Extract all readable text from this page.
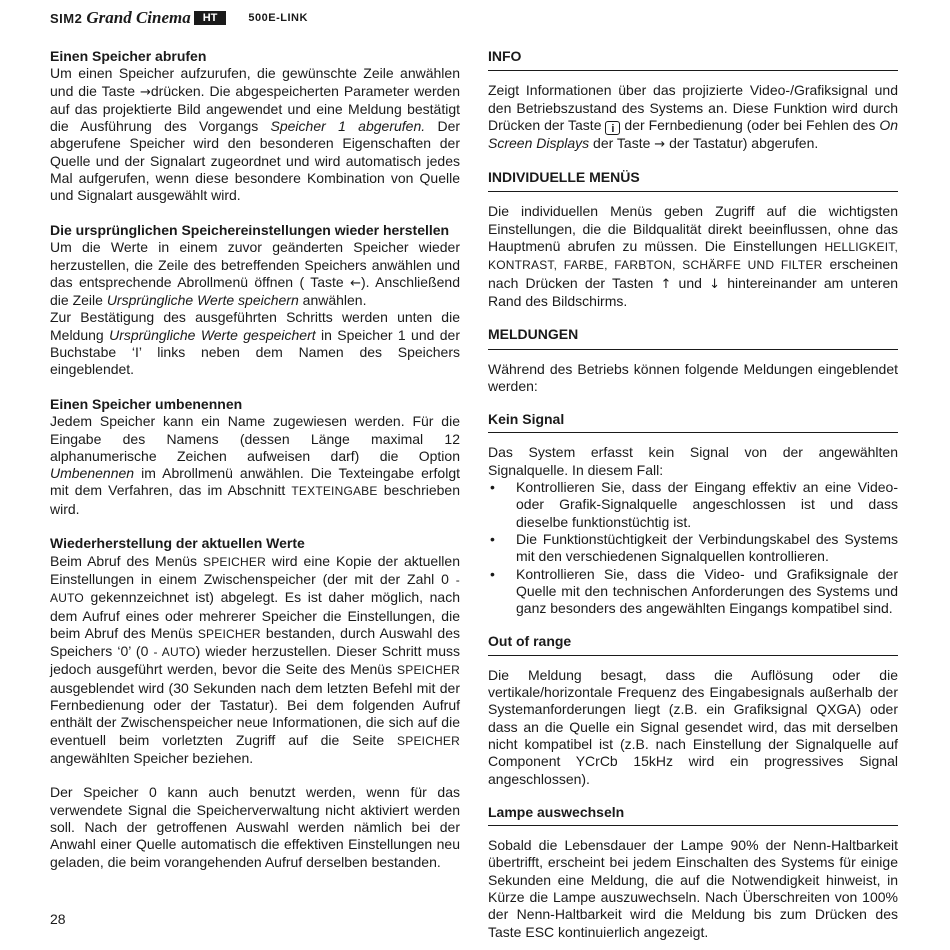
SIM2 Grand Cinema	HT	500E-LINK

Einen Speicher abrufen

Um einen Speicher aufzurufen, die gewünschte Zeile anwählen und die Taste →drücken. Die abgespeicherten Parameter werden auf das projektierte Bild angewendet und eine Meldung bestätigt die Ausführung des Vorgangs Speicher 1 abgerufen. Der abgerufene Speicher wird den besonderen Eigenschaften der Quelle und der Signalart zugeordnet und wird automatisch jedes Mal aufgerufen, wenn diese besondere Kombination von Quelle und Signalart ausgewählt wird.

Die ursprünglichen Speichereinstellungen wieder herstellen

Um die Werte in einem zuvor geänderten Speicher wieder herzustellen, die Zeile des betreffenden Speichers anwählen und das entsprechende Abrollmenü öffnen ( Taste ←). Anschließend die Zeile Ursprüngliche Werte speichern anwählen.

Zur Bestätigung des ausgeführten Schritts werden unten die Meldung Ursprüngliche Werte gespeichert in Speicher 1 und der Buchstabe ‘I’ links neben dem Namen des Speichers eingeblendet.

Einen Speicher umbenennen

Jedem Speicher kann ein Name zugewiesen werden. Für die Eingabe des Namens (dessen Länge maximal 12 alphanumerische Zeichen aufweisen darf) die Option Umbenennen im Abrollmenü anwählen. Die Texteingabe erfolgt mit dem Verfahren, das im Abschnitt TEXTEINGABE beschrieben wird.

Wiederherstellung der aktuellen Werte

Beim Abruf des Menüs SPEICHER wird eine Kopie der aktuellen Einstellungen in einem Zwischenspeicher (der mit der Zahl 0 - AUTO gekennzeichnet ist) abgelegt. Es ist daher möglich, nach dem Aufruf eines oder mehrerer Speicher die Einstellungen, die beim Abruf des Menüs SPEICHER bestanden, durch Auswahl des Speichers ‘0’ (0 - AUTO) wieder herzustellen. Dieser Schritt muss jedoch ausgeführt werden, bevor die Seite des Menüs SPEICHER ausgeblendet wird (30 Sekunden nach dem letzten Befehl mit der Fernbedienung oder der Tastatur). Bei dem folgenden Aufruf enthält der Zwischenspeicher neue Informationen, die sich auf die eventuell beim vorletzten Zugriff auf die Seite SPEICHER angewählten Speicher beziehen.

Der Speicher 0 kann auch benutzt werden, wenn für das verwendete Signal die Speicherverwaltung nicht aktiviert werden soll. Nach der getroffenen Auswahl werden nämlich bei der Anwahl einer Quelle automatisch die effektiven Einstellungen neu geladen, die beim vorangehenden Aufruf derselben bestanden.

INFO

Zeigt Informationen über das projizierte Video-/Grafiksignal und den Betriebszustand des Systems an. Diese Funktion wird durch Drücken der Taste i der Fernbedienung (oder bei Fehlen des On Screen Displays der Taste → der Tastatur) abgerufen.

INDIVIDUELLE MENÜS

Die individuellen Menüs geben Zugriff auf die wichtigsten Einstellungen, die die Bildqualität direkt beeinflussen, ohne das Hauptmenü abrufen zu müssen. Die Einstellungen HELLIGKEIT, KONTRAST, FARBE, FARBTON, SCHÄRFE UND FILTER erscheinen nach Drücken der Tasten ↑ und ↓ hintereinander am unteren Rand des Bildschirms.

MELDUNGEN

Während des Betriebs können folgende Meldungen eingeblendet werden:

Kein Signal

Das System erfasst kein Signal von der angewählten Signalquelle. In diesem Fall:

• Kontrollieren Sie, dass der Eingang effektiv an eine Video- oder Grafik-Signalquelle angeschlossen ist und dass dieselbe funktionstüchtig ist.
• Die Funktionstüchtigkeit der Verbindungskabel des Systems mit den verschiedenen Signalquellen kontrollieren.
• Kontrollieren Sie, dass die Video- und Grafiksignale der Quelle mit den technischen Anforderungen des Systems und ganz besonders des angewählten Eingangs kompatibel sind.

Out of range

Die Meldung besagt, dass die Auflösung oder die vertikale/horizontale Frequenz des Eingabesignals außerhalb der Systemanforderungen liegt (z.B. ein Grafiksignal QXGA) oder dass an die Quelle ein Signal gesendet wird, das mit derselben nicht kompatibel ist (z.B. nach Einstellung der Signalquelle auf Component YCrCb 15kHz wird ein progressives Signal angeschlossen).

Lampe auswechseln

Sobald die Lebensdauer der Lampe 90% der Nenn-Haltbarkeit übertrifft, erscheint bei jedem Einschalten des Systems für einige Sekunden eine Meldung, die auf die Notwendigkeit hinweist, in Kürze die Lampe auszuwechseln. Nach Überschreiten von 100% der Nenn-Haltbarkeit wird die Meldung bis zum Drücken des Taste ESC kontinuierlich angezeigt.

28
